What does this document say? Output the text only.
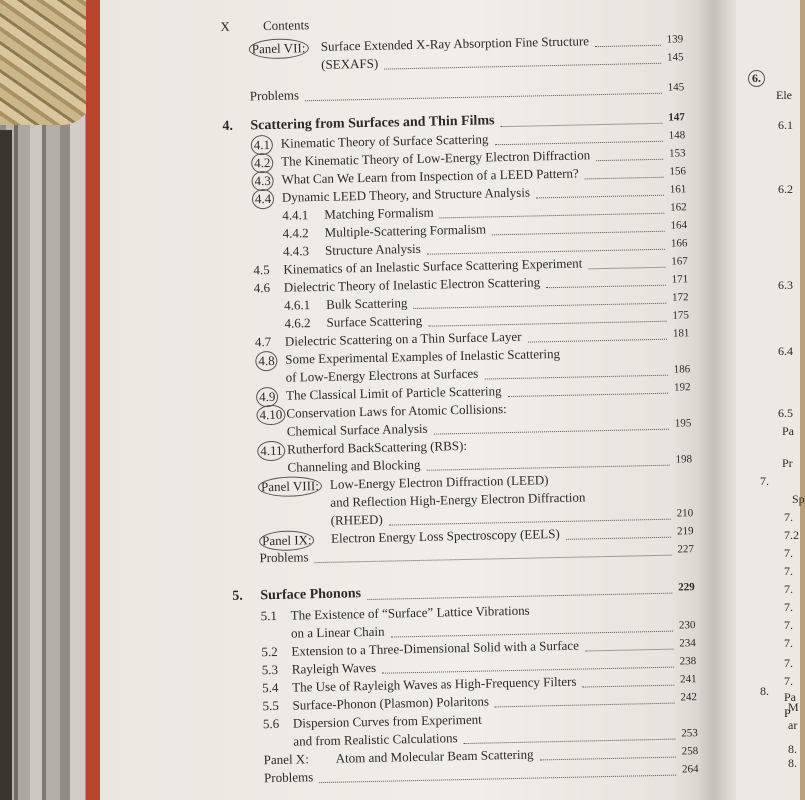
X	Contents
Panel VII: Surface Extended X-Ray Absorption Fine Structure	139
(SEXAFS)	145
Problems	145
4. Scattering from Surfaces and Thin Films	147
4.1 Kinematic Theory of Surface Scattering	148
4.2 The Kinematic Theory of Low-Energy Electron Diffraction	153
4.3 What Can We Learn from Inspection of a LEED Pattern?	156
4.4 Dynamic LEED Theory, and Structure Analysis	161
4.4.1 Matching Formalism	162
4.4.2 Multiple-Scattering Formalism	164
4.4.3 Structure Analysis	166
4.5 Kinematics of an Inelastic Surface Scattering Experiment	167
4.6 Dielectric Theory of Inelastic Electron Scattering	171
4.6.1 Bulk Scattering	172
4.6.2 Surface Scattering	175
4.7 Dielectric Scattering on a Thin Surface Layer	181
4.8 Some Experimental Examples of Inelastic Scattering
of Low-Energy Electrons at Surfaces	186
4.9 The Classical Limit of Particle Scattering	192
4.10 Conservation Laws for Atomic Collisions:
Chemical Surface Analysis	195
4.11 Rutherford BackScattering (RBS):
Channeling and Blocking	198
Panel VIII: Low-Energy Electron Diffraction (LEED)
and Reflection High-Energy Electron Diffraction
(RHEED)	210
Panel IX: Electron Energy Loss Spectroscopy (EELS)	219
Problems	227
5. Surface Phonons	229
5.1 The Existence of “Surface” Lattice Vibrations
on a Linear Chain	230
5.2 Extension to a Three-Dimensional Solid with a Surface	234
5.3 Rayleigh Waves	238
5.4 The Use of Rayleigh Waves as High-Frequency Filters	241
5.5 Surface-Phonon (Plasmon) Polaritons	242
5.6 Dispersion Curves from Experiment
and from Realistic Calculations	253
Panel X: Atom and Molecular Beam Scattering	258
Problems	264
6.
Ele
6.1
6.2
6.3
6.4
6.5
Pa
Pr
7.
Sp
7.
7.2
7.
7.
7.
7.
7.
7.
7.
7.
Pa
P
8.
M
ar
8.
8.
